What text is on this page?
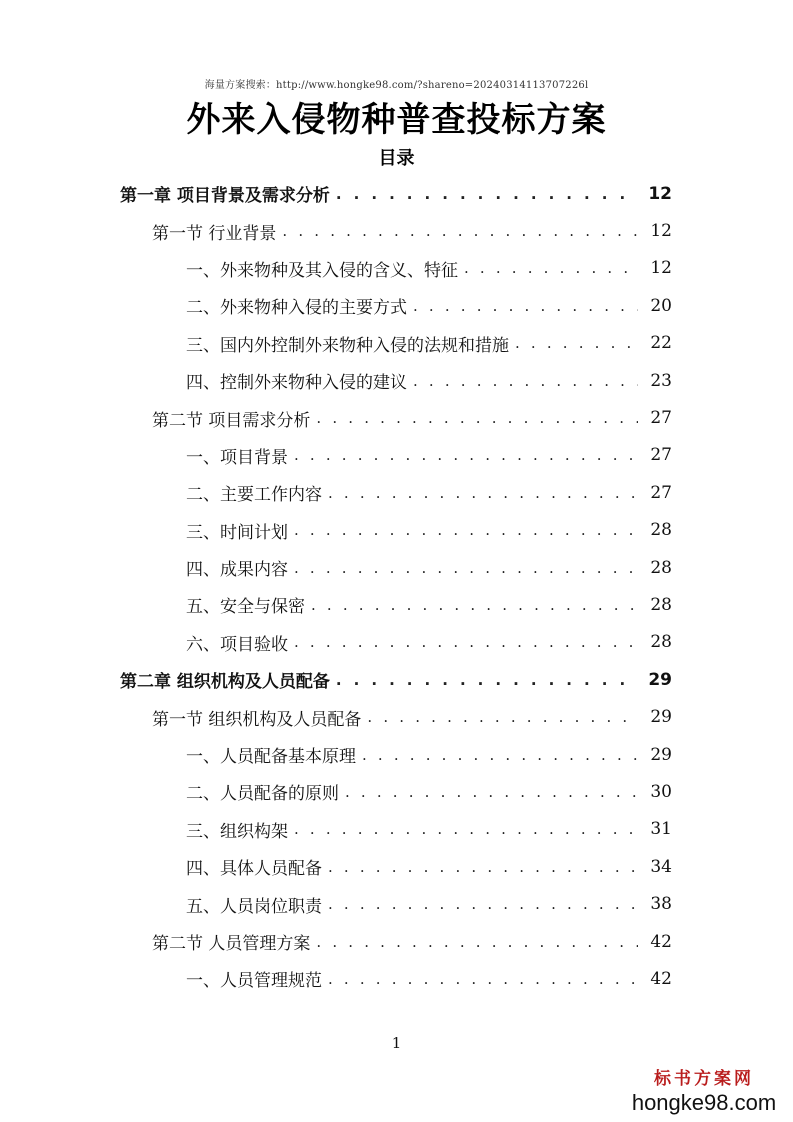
海量方案搜索：http://www.hongke98.com/?shareno=20240314113707226l
外来入侵物种普查投标方案
目录
第一章 项目背景及需求分析 . . .	12
第一节 行业背景 . . .	12
一、外来物种及其入侵的含义、特征 . . .	12
二、外来物种入侵的主要方式 . . .	20
三、国内外控制外来物种入侵的法规和措施 . . .	22
四、控制外来物种入侵的建议 . . .	23
第二节 项目需求分析 . . .	27
一、项目背景 . . .	27
二、主要工作内容 . . .	27
三、时间计划 . . .	28
四、成果内容 . . .	28
五、安全与保密 . . .	28
六、项目验收 . . .	28
第二章 组织机构及人员配备 . . .	29
第一节 组织机构及人员配备 . . .	29
一、人员配备基本原理 . . .	29
二、人员配备的原则 . . .	30
三、组织构架 . . .	31
四、具体人员配备 . . .	34
五、人员岗位职责 . . .	38
第二节 人员管理方案 . . .	42
一、人员管理规范 . . .	42
1
标书方案网
hongke98.com
